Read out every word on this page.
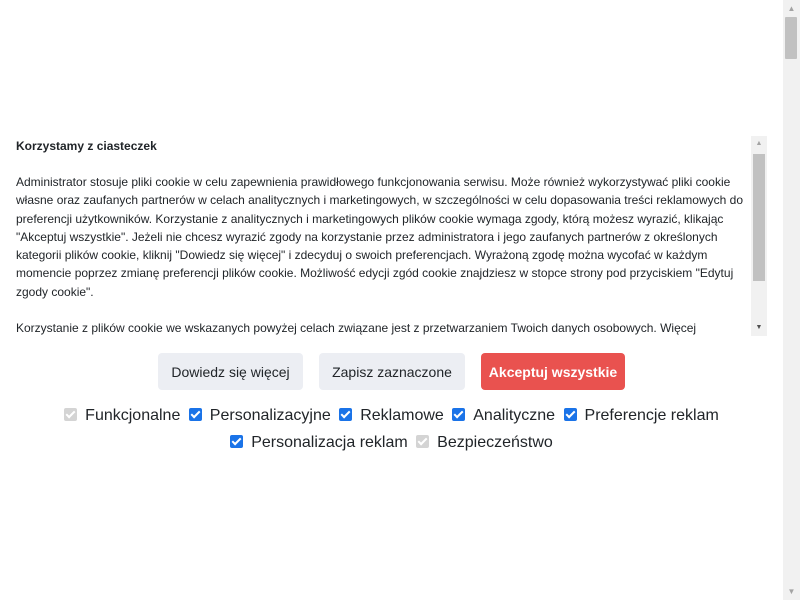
▲
▼
Korzystamy z ciasteczek

Administrator stosuje pliki cookie w celu zapewnienia prawidłowego funkcjonowania serwisu. Może również wykorzystywać pliki cookie własne oraz zaufanych partnerów w celach analitycznych i marketingowych, w szczególności w celu dopasowania treści reklamowych do preferencji użytkowników. Korzystanie z analitycznych i marketingowych plików cookie wymaga zgody, którą możesz wyrazić, klikając "Akceptuj wszystkie". Jeżeli nie chcesz wyrazić zgody na korzystanie przez administratora i jego zaufanych partnerów z określonych kategorii plików cookie, kliknij "Dowiedz się więcej" i zdecyduj o swoich preferencjach. Wyrażoną zgodę można wycofać w każdym momencie poprzez zmianę preferencji plików cookie. Możliwość edycji zgód cookie znajdziesz w stopce strony pod przyciskiem "Edytuj zgody cookie".

Korzystanie z plików cookie we wskazanych powyżej celach związane jest z przetwarzaniem Twoich danych osobowych. Więcej

▲
▼
Dowiedz się więcej	Zapisz zaznaczone	Akceptuj wszystkie
Funkcjonalne Personalizacyjne Reklamowe Analityczne Preferencje reklam
Personalizacja reklam Bezpieczeństwo
